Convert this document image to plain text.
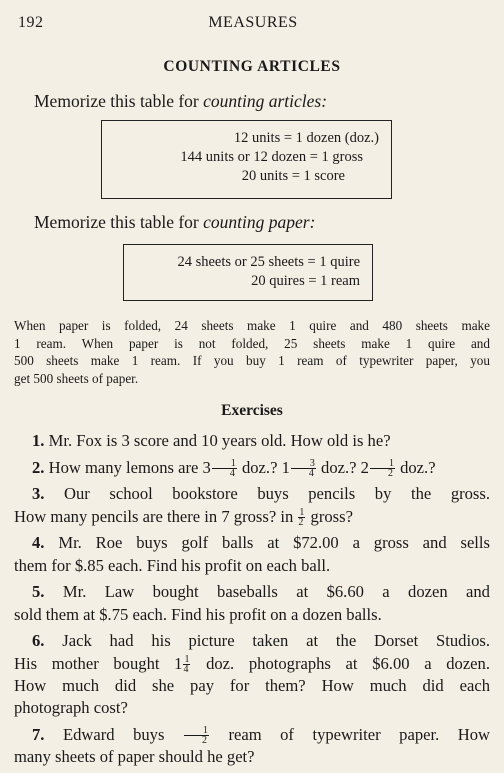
192	MEASURES
COUNTING ARTICLES
Memorize this table for counting articles:
12 units = 1 dozen (doz.)
144 units or 12 dozen = 1 gross
20 units = 1 score
Memorize this table for counting paper:
24 sheets or 25 sheets = 1 quire
20 quires = 1 ream
When paper is folded, 24 sheets make 1 quire and 480 sheets make
1 ream. When paper is not folded, 25 sheets make 1 quire and
500 sheets make 1 ream. If you buy 1 ream of typewriter paper, you
get 500 sheets of paper.
Exercises
1. Mr. Fox is 3 score and 10 years old. How old is he?
2. How many lemons are $3 \frac{1}{4}$ doz.? $1 \frac{3}{4}$ doz.? $2 \frac{1}{2}$ doz.?
3. Our school bookstore buys pencils by the gross.
How many pencils are there in 7 gross? in $\frac{1}{2}$ gross?
4. Mr. Roe buys golf balls at $72.00 a gross and sells
them for $.85 each. Find his profit on each ball.
5. Mr. Law bought baseballs at $6.60 a dozen and
sold them at $.75 each. Find his profit on a dozen balls.
6. Jack had his picture taken at the Dorset Studios.
His mother bought $1 \frac{1}{4}$ doz. photographs at $6.00 a dozen.
How much did she pay for them? How much did each
photograph cost?
7. Edward buys $\frac{1}{2}$ ream of typewriter paper. How
many sheets of paper should he get?
